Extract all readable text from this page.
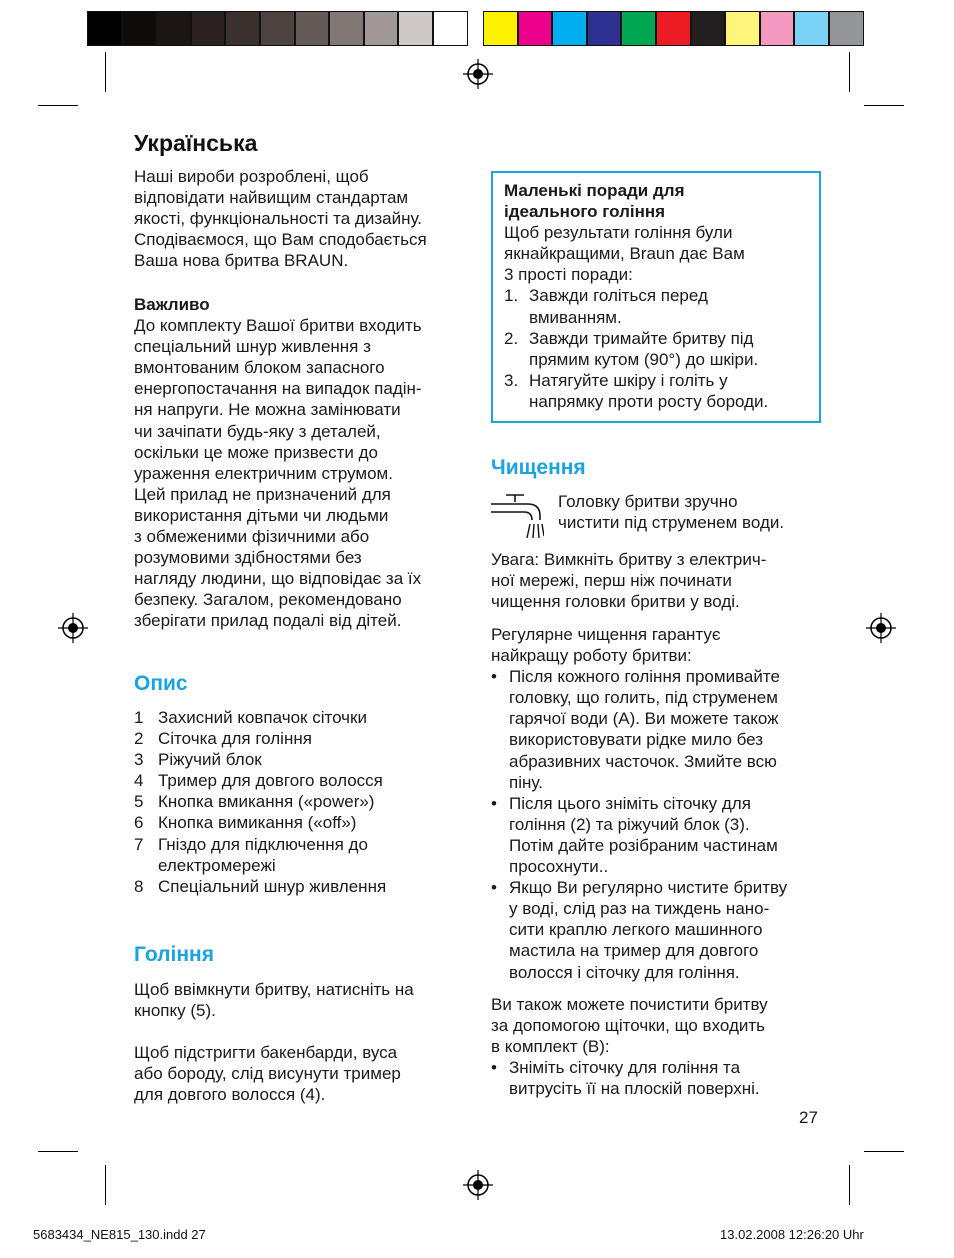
Українська
Наші вироби розроблені, щоб
відповідати найвищим стандартам
якості, функціональності та дизайну.
Сподіваємося, що Вам сподобається
Ваша нова бритва BRAUN.

Важливо

До комплекту Вашої бритви входить
спеціальний шнур живлення з
вмонтованим блоком запасного
енергопостачання на випадок падін-
ня напруги. Не можна замінювати
чи зачіпати будь-яку з деталей,
оскільки це може призвести до
ураження електричним струмом.
Цей прилад не призначений для
використання дітьми чи людьми
з обмеженими фізичними або
розумовими здібностями без
нагляду людини, що відповідає за їх
безпеку. Загалом, рекомендовано
зберігати прилад подалі від дітей.
Опис
1 Захисний ковпачок сіточки
2 Сіточка для гоління
3 Ріжучий блок
4 Тример для довгого волосся
5 Кнопка вмикання («power»)
6 Кнопка вимикання («off»)
7 Гніздо для підключення до
електромережі
8 Спеціальний шнур живлення
Гоління
Щоб ввімкнути бритву, натисніть на
кнопку (5).
Щоб підстригти бакенбарди, вуса
або бороду, слід висунути тример
для довгого волосся (4).
Маленькі поради для
ідеального гоління
Щоб результати гоління були
якнайкращими, Braun дає Вам
3 прості поради:
1. Завжди голіться перед
вмиванням.
2. Завжди тримайте бритву під
прямим кутом (90°) до шкіри.
3. Натягуйте шкіру і голіть у
напрямку проти росту бороди.
Чищення
Головку бритви зручно
чистити під струменем води.
Увага: Вимкніть бритву з електрич-
ної мережі, перш ніж починати
чищення головки бритви у воді.
Регулярне чищення гарантує
найкращу роботу бритви:
• Після кожного гоління промивайте
головку, що голить, під струменем
гарячої води (А). Ви можете також
використовувати рідке мило без
абразивних часточок. Змийте всю
піну.
• Після цього зніміть сіточку для
гоління (2) та ріжучий блок (3).
Потім дайте розібраним частинам
просохнути..
• Якщо Ви регулярно чистите бритву
у воді, слід раз на тиждень нано-
сити краплю легкого машинного
мастила на тример для довгого
волосся і сіточку для гоління.
Ви також можете почистити бритву
за допомогою щіточки, що входить
в комплект (B):
• Зніміть сіточку для гоління та
витрусіть її на плоскій поверхні.
27
5683434_NE815_130.indd 27	13.02.2008 12:26:20 Uhr
